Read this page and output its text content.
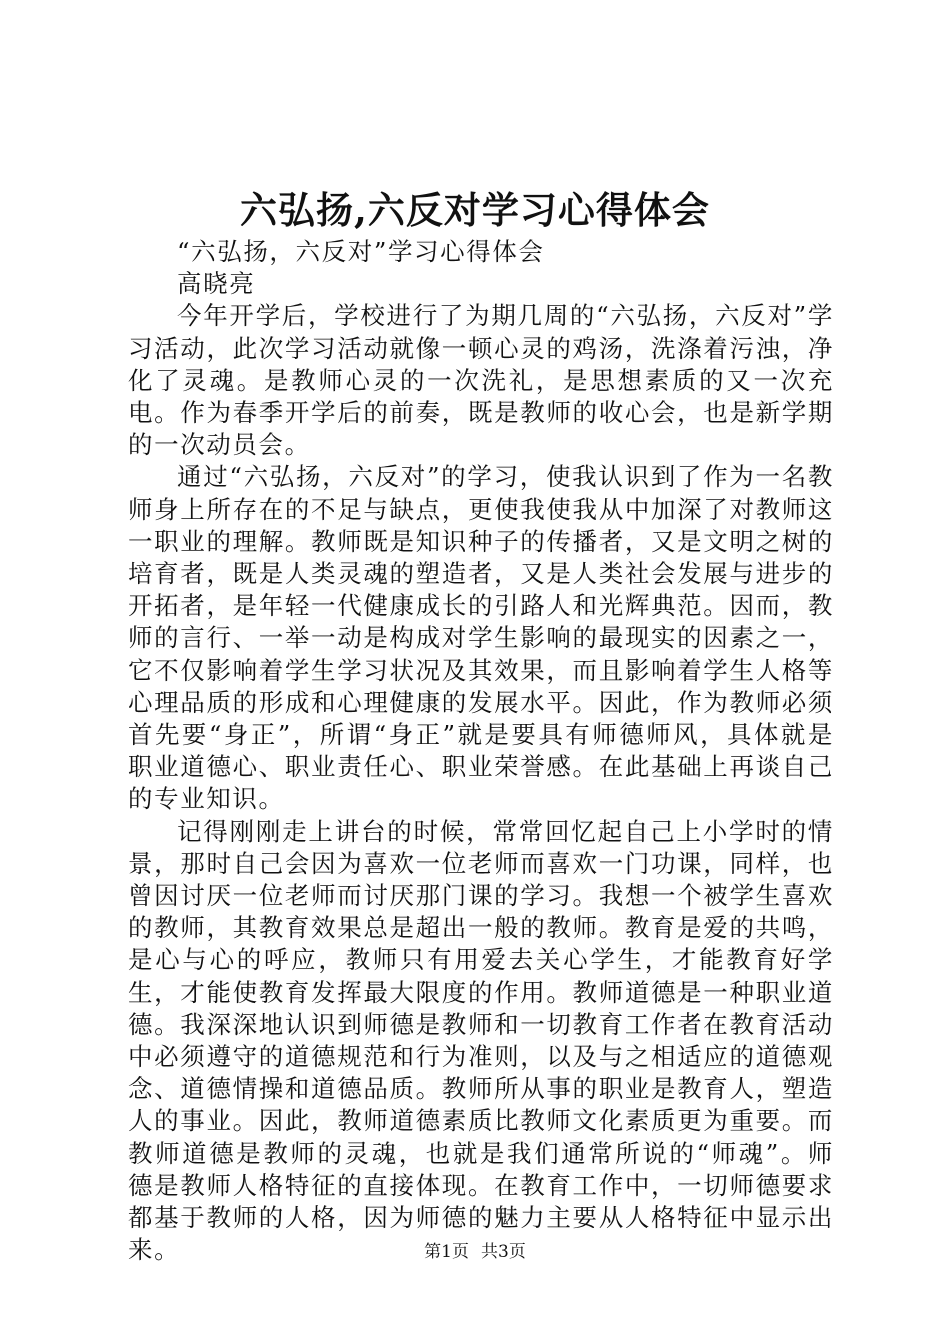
六弘扬,六反对学习心得体会

“六弘扬，六反对”学习心得体会

高晓亮

今年开学后，学校进行了为期几周的“六弘扬，六反对”学习活动，此次学习活动就像一顿心灵的鸡汤，洗涤着污浊，净化了灵魂。是教师心灵的一次洗礼，是思想素质的又一次充电。作为春季开学后的前奏，既是教师的收心会，也是新学期的一次动员会。

通过“六弘扬，六反对”的学习，使我认识到了作为一名教师身上所存在的不足与缺点，更使我使我从中加深了对教师这一职业的理解。教师既是知识种子的传播者，又是文明之树的培育者，既是人类灵魂的塑造者，又是人类社会发展与进步的开拓者，是年轻一代健康成长的引路人和光辉典范。因而，教师的言行、一举一动是构成对学生影响的最现实的因素之一，它不仅影响着学生学习状况及其效果，而且影响着学生人格等心理品质的形成和心理健康的发展水平。因此，作为教师必须首先要“身正”，所谓“身正”就是要具有师德师风，具体就是职业道德心、职业责任心、职业荣誉感。在此基础上再谈自己的专业知识。

记得刚刚走上讲台的时候，常常回忆起自己上小学时的情景，那时自己会因为喜欢一位老师而喜欢一门功课，同样，也曾因讨厌一位老师而讨厌那门课的学习。我想一个被学生喜欢的教师，其教育效果总是超出一般的教师。教育是爱的共鸣，是心与心的呼应，教师只有用爱去关心学生，才能教育好学生，才能使教育发挥最大限度的作用。教师道德是一种职业道德。我深深地认识到师德是教师和一切教育工作者在教育活动中必须遵守的道德规范和行为准则，以及与之相适应的道德观念、道德情操和道德品质。教师所从事的职业是教育人，塑造人的事业。因此，教师道德素质比教师文化素质更为重要。而教师道德是教师的灵魂，也就是我们通常所说的“师魂”。师德是教师人格特征的直接体现。在教育工作中，一切师德要求都基于教师的人格，因为师德的魅力主要从人格特征中显示出来。	第1页 共3页
